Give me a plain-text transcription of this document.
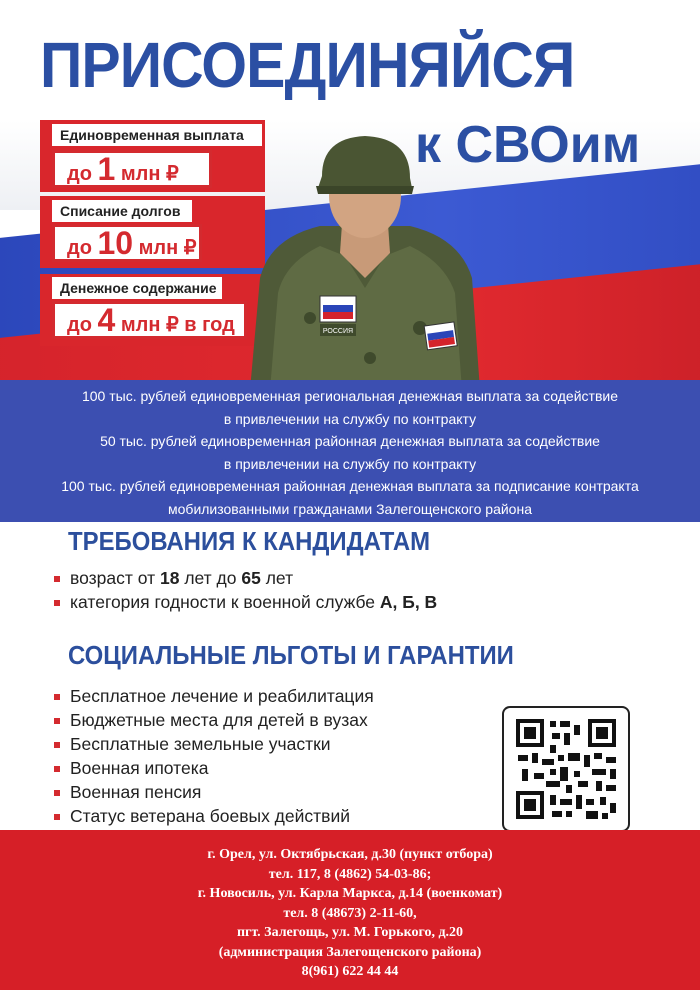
ПРИСОЕДИНЯЙСЯ
к СВОим
Единовременная выплата
до 1 млн ₽
Списание долгов
до 10 млн ₽
Денежное содержание
до 4 млн ₽ в год	РОССИЯ

100 тыс. рублей единовременная региональная денежная выплата за содействие

в привлечении на службу по контракту

50 тыс. рублей единовременная районная денежная выплата за содействие

в привлечении на службу по контракту

100 тыс. рублей единовременная районная денежная выплата за подписание контракта

мобилизованными гражданами Залегощенского района

ТРЕБОВАНИЯ К КАНДИДАТАМ
возраст от 18 лет до 65 лет
категория годности к военной службе А, Б, В
СОЦИАЛЬНЫЕ ЛЬГОТЫ И ГАРАНТИИ
Бесплатное лечение и реабилитация
Бюджетные места для детей в вузах
Бесплатные земельные участки
Военная ипотека
Военная пенсия
Статус ветерана боевых действий

г. Орел, ул. Октябрьская, д.30 (пункт отбора)

тел. 117, 8 (4862) 54-03-86;

г. Новосиль, ул. Карла Маркса, д.14 (военкомат)

тел. 8 (48673) 2-11-60,

пгт. Залегощь, ул. М. Горького, д.20

(администрация Залегощенского района)

8(961) 622 44 44
